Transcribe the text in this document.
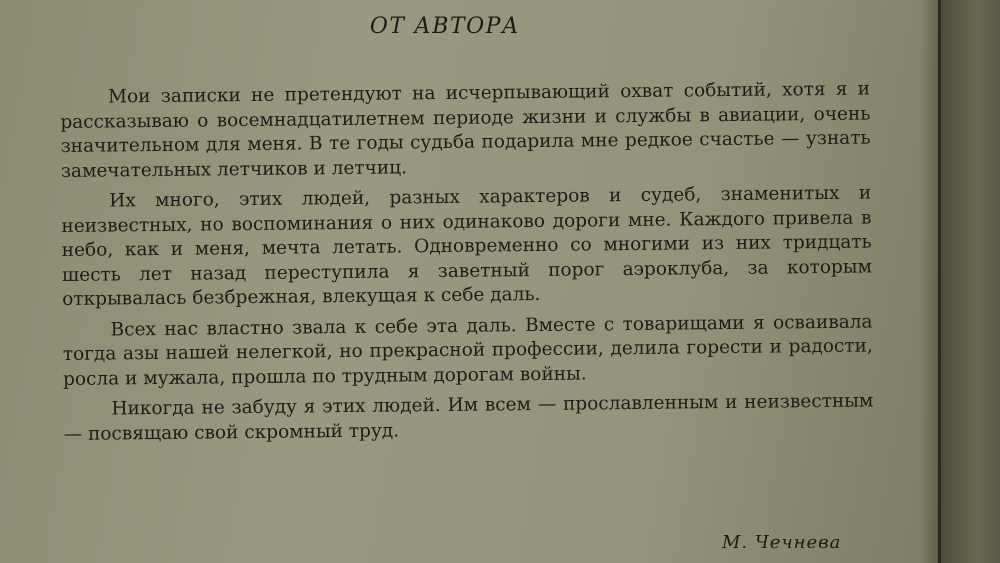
ОТ АВТОРА

Мои записки не претендуют на исчерпывающий охват событий, хотя я и рассказываю о восемнадцатилетнем периоде жизни и службы в авиации, очень значительном для меня. В те годы судьба подарила мне редкое счастье — узнать замечательных летчиков и летчиц.

Их много, этих людей, разных характеров и судеб, знаменитых и неизвестных, но воспоминания о них одинаково дороги мне. Каждого привела в небо, как и меня, мечта летать. Одновременно со многими из них тридцать шесть лет назад переступила я заветный порог аэроклуба, за которым открывалась безбрежная, влекущая к себе даль.

Всех нас властно звала к себе эта даль. Вместе с товарищами я осваивала тогда азы нашей нелегкой, но прекрасной профессии, делила горести и радости, росла и мужала, прошла по трудным дорогам войны.

Никогда не забуду я этих людей. Им всем — прославленным и неизвестным — посвящаю свой скромный труд.

М. Чечнева
